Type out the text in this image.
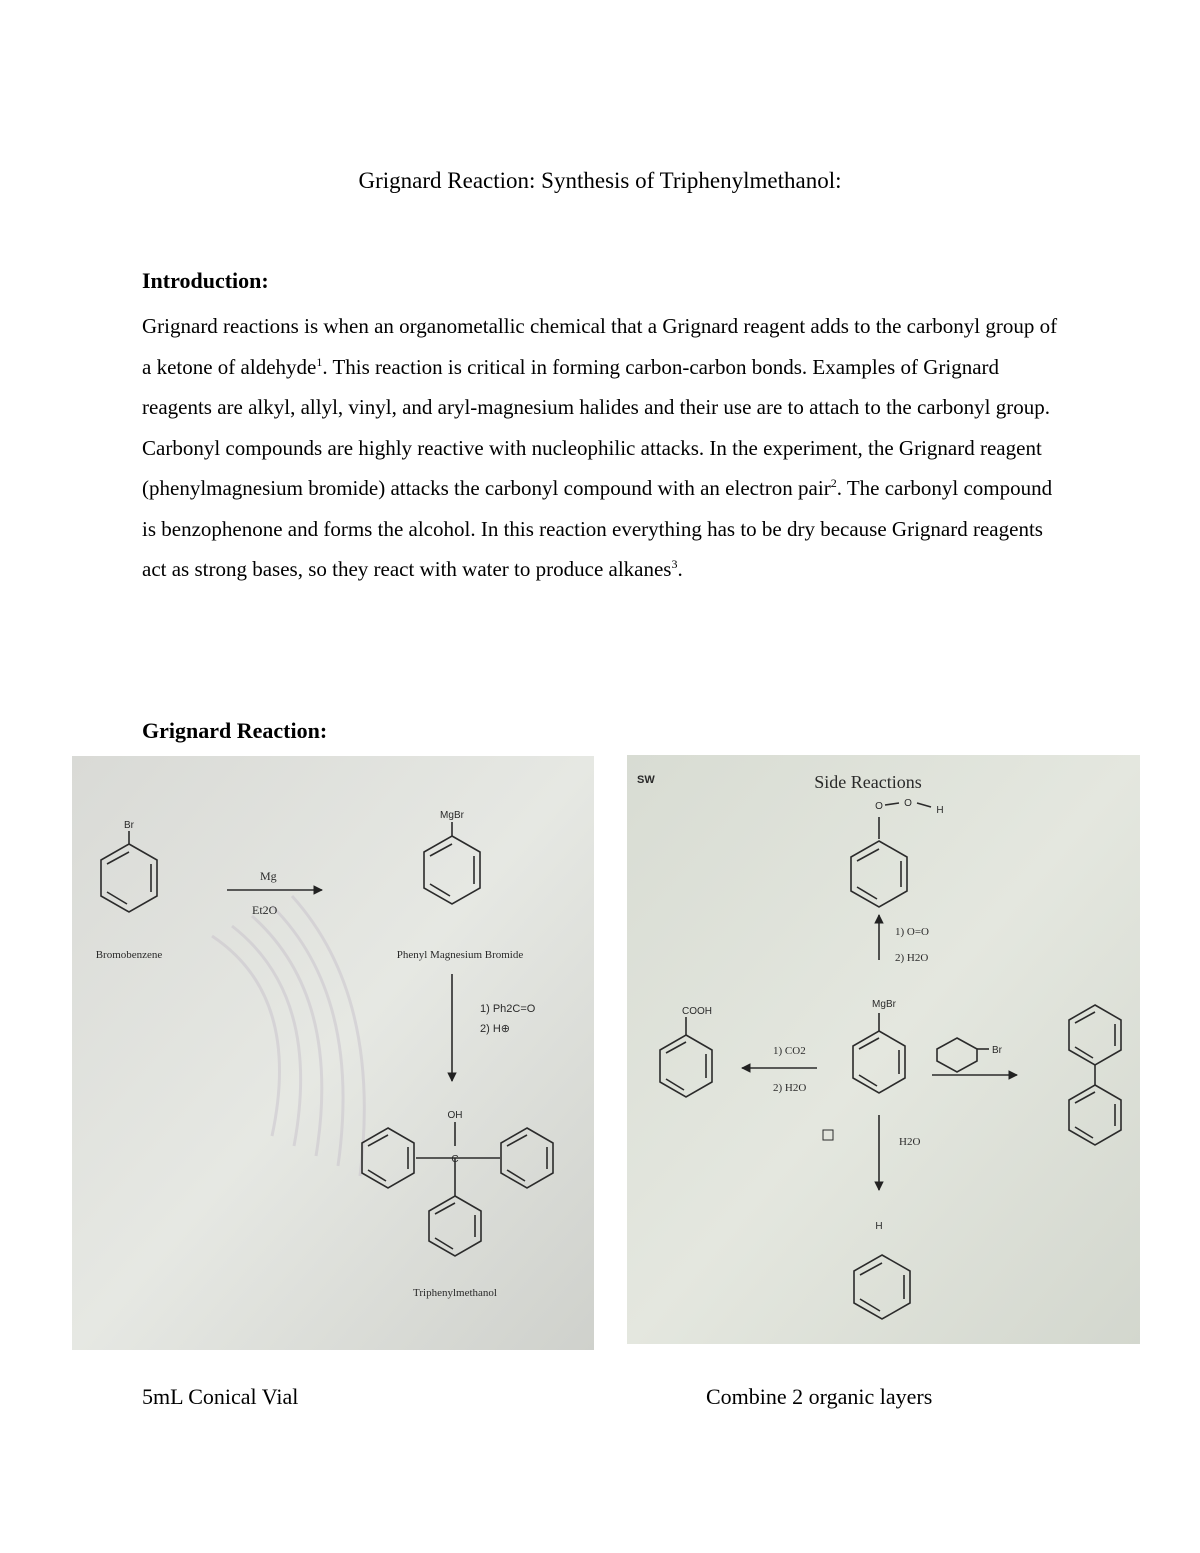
Grignard Reaction: Synthesis of Triphenylmethanol:
Introduction:

Grignard reactions is when an organometallic chemical that a Grignard reagent adds to the carbonyl group of a ketone of aldehyde$^1$. This reaction is critical in forming carbon-carbon bonds. Examples of Grignard reagents are alkyl, allyl, vinyl, and aryl-magnesium halides and their use are to attach to the carbonyl group. Carbonyl compounds are highly reactive with nucleophilic attacks. In the experiment, the Grignard reagent (phenylmagnesium bromide) attacks the carbonyl compound with an electron pair$^2$. The carbonyl compound is benzophenone and forms the alcohol. In this reaction everything has to be dry because Grignard reagents act as strong bases, so they react with water to produce alkanes$^3$.

Grignard Reaction:
Br
Mg
Et2O
Bromobenzene
MgBr
Phenyl Magnesium Bromide
1) Ph2C=O
2) H⊕
OH
C
Triphenylmethanol
SW	Side Reactions
O O
H
1) O=O
2) H2O
MgBr
COOH
1) CO2
2) H2O
Br
H2O
H

5mL Conical Vial	Combine 2 organic layers
